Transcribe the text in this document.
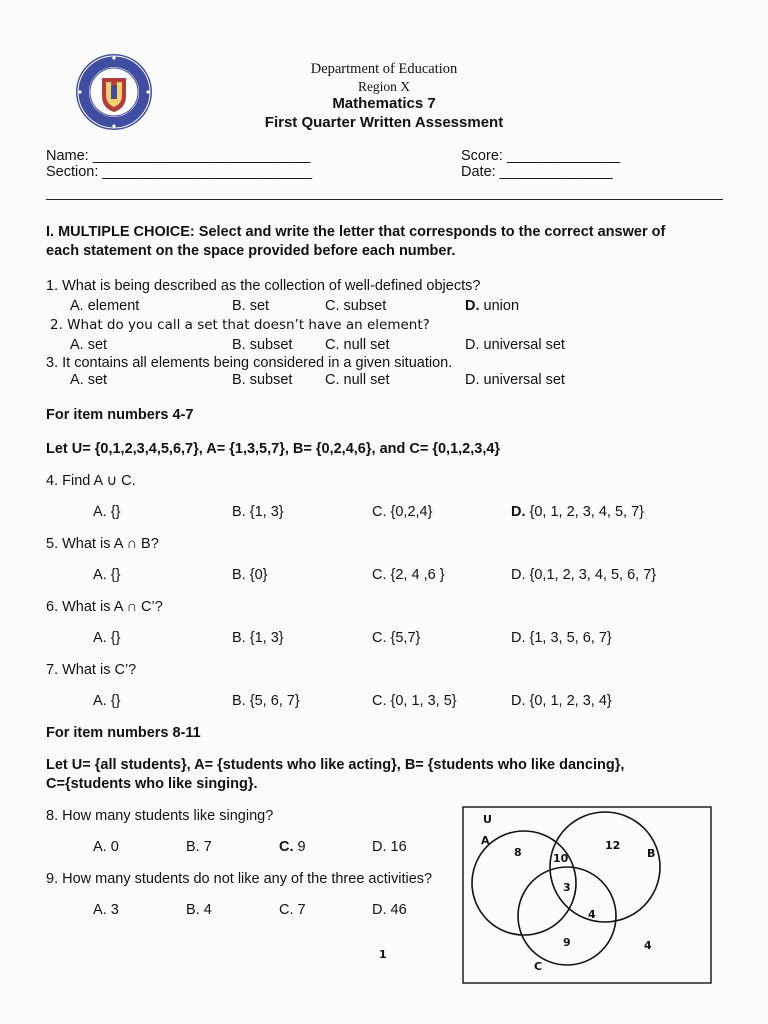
Department of Education
Region X
Mathematics 7
First Quarter Written Assessment
Name: ___________________________
Section: __________________________
Score: ______________
Date: ______________
I. MULTIPLE CHOICE: Select and write the letter that corresponds to the correct answer of
each statement on the space provided before each number.
1. What is being described as the collection of well-defined objects?
A. element	B. set	C. subset	D. union
2. What do you call a set that doesn’t have an element?
A. set	B. subset C. null set	D. universal set
3. It contains all elements being considered in a given situation.
A. set	B. subset C. null set	D. universal set
For item numbers 4-7
Let U= {0,1,2,3,4,5,6,7}, A= {1,3,5,7}, B= {0,2,4,6}, and C= {0,1,2,3,4}
4. Find A ∪ C.
A. {}	B. {1, 3}	C. {0,2,4}	D. {0, 1, 2, 3, 4, 5, 7}
5. What is A ∩ B?
A. {}	B. {0}	C. {2, 4 ,6 }	D. {0,1, 2, 3, 4, 5, 6, 7}
6. What is A ∩ C’?
A. {}	B. {1, 3}	C. {5,7}	D. {1, 3, 5, 6, 7}
7. What is C’?
A. {}	B. {5, 6, 7}	C. {0, 1, 3, 5}	D. {0, 1, 2, 3, 4}
For item numbers 8-11
Let U= {all students}, A= {students who like acting}, B= {students who like dancing},
C={students who like singing}.
8. How many students like singing?
A. 0	B. 7	C. 9	D. 16
9. How many students do not like any of the three activities?
A. 3	B. 4	C. 7	D. 46
U
A
B
C
8	10
12
3
4
9	4
1
